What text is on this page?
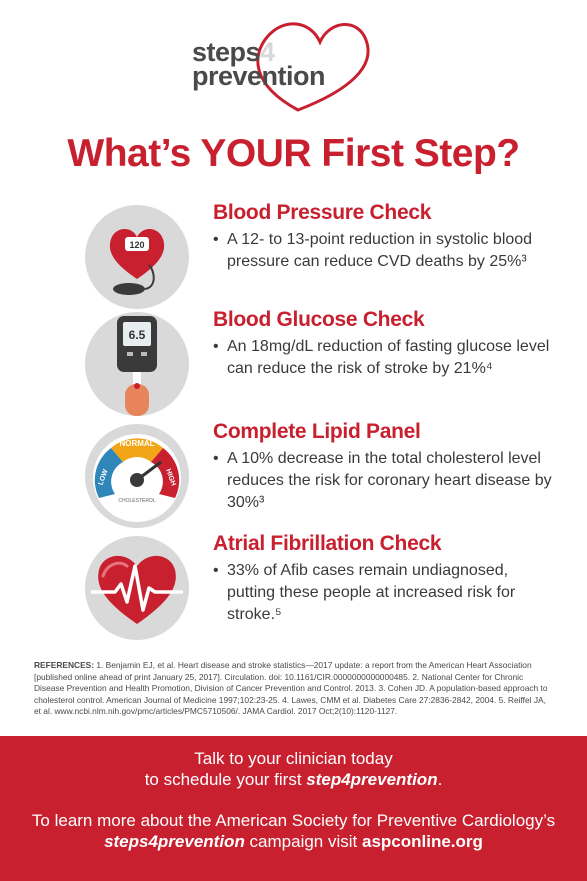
steps4
prevention
What’s YOUR First Step?
120
Blood Pressure Check
• A 12- to 13-point reduction in systolic blood pressure can reduce CVD deaths by 25%³
6.5
Blood Glucose Check
• An 18mg/dL reduction of fasting glucose level can reduce the risk of stroke by 21%⁴
NORMAL
LOW	HIGH
CHOLESTEROL
Complete Lipid Panel
• A 10% decrease in the total cholesterol level reduces the risk for coronary heart disease by 30%³
Atrial Fibrillation Check
• 33% of Afib cases remain undiagnosed, putting these people at increased risk for stroke.⁵
REFERENCES: 1. Benjamin EJ, et al. Heart disease and stroke statistics—2017 update: a report from the American Heart Association [published online ahead of print January 25, 2017]. Circulation. doi: 10.1161/CIR.0000000000000485. 2. National Center for Chronic Disease Prevention and Health Promotion, Division of Cancer Prevention and Control. 2013. 3. Cohen JD. A population-based approach to cholesterol control. American Journal of Medicine 1997;102:23-25. 4. Lawes, CMM et al. Diabetes Care 27:2836-2842, 2004. 5. Reiffel JA, et al. www.ncbi.nlm.nih.gov/pmc/articles/PMC5710506/. JAMA Cardiol. 2017 Oct;2(10):1120-1127.
Talk to your clinician today
to schedule your first step4prevention.
To learn more about the American Society for Preventive Cardiology’s
steps4prevention campaign visit aspconline.org
